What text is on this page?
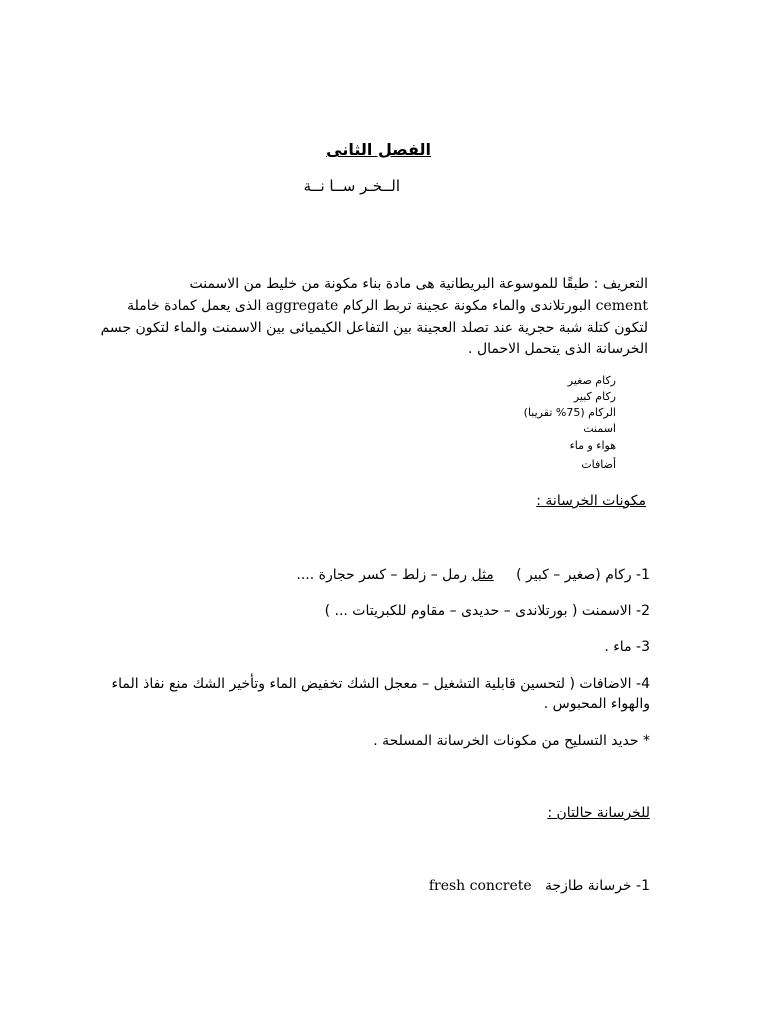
الفصل الثانى
الــخـر ســا نــة
التعريف : طبقًا للموسوعة البريطانية هى مادة بناء مكونة من خليط من الاسمنت
cement البورتلاندى والماء مكونة عجينة تربط الركام aggregate الذى يعمل كمادة خاملة
لتكون كتلة شبة حجرية عند تصلد العجينة بين التفاعل الكيميائى بين الاسمنت والماء لتكون جسم
الخرسانة الذى يتحمل الاحمال .
ركام صغير
ركام كبير
الركام (75% تقريبا)
اسمنت
هواء و ماء
أضافات
مكونات الخرسانة :
1- ركام (صغير – كبير )     مثل رمل – زلط – كسر حجارة ....
2- الاسمنت ( بورتلاندى – حديدى – مقاوم للكبريتات ... )
3- ماء .
4- الاضافات ( لتحسين قابلية التشغيل – معجل الشك تخفيض الماء وتأخير الشك منع نفاذ الماء
والهواء المحبوس .
* حديد التسليح من مكونات الخرسانة المسلحة .
للخرسانة حالتان :
1- خرسانة طازجة   fresh concrete
